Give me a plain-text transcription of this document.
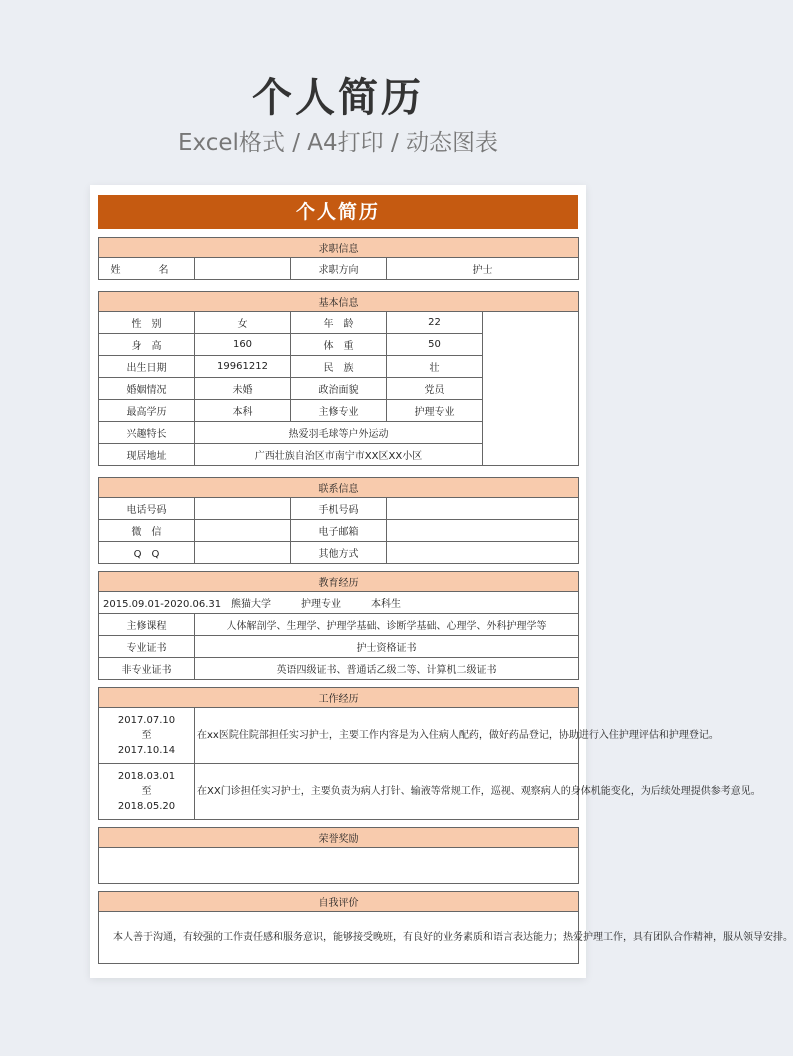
个人简历
Excel格式 / A4打印 / 动态图表
个人简历
求职信息				
姓　名		求职方向	护士	

基本信息				
性　别	女	年　龄	22	
身　高	160	体　重	50	
出生日期	19961212	民　族	壮	
婚姻情况	未婚	政治面貌	党员	
最高学历	本科	主修专业	护理专业	
兴趣特长	热爱羽毛球等户外运动			
现居地址	广西壮族自治区市南宁市XX区XX小区			

联系信息				
电话号码		手机号码		
微　信		电子邮箱		
Q　Q		其他方式		

教育经历				
2015.09.01-2020.06.31 熊猫大学 护理专业 本科生				
主修课程	人体解剖学、生理学、护理学基础、诊断学基础、心理学、外科护理学等			
专业证书	护士资格证书			
非专业证书	英语四级证书、普通话乙级二等、计算机二级证书			

工作经历				

2017.07.10
至
2017.10.14	在xx医院住院部担任实习护士，主要工作内容是为入住病人配药，做好药品登记，协助进行入住护理评估和护理登记。			

2018.03.01
至
2018.05.20	在XX门诊担任实习护士，主要负责为病人打针、输液等常规工作，巡视、观察病人的身体机能变化，为后续处理提供参考意见。			

荣誉奖励				

自我评价				
本人善于沟通，有较强的工作责任感和服务意识，能够接受晚班，有良好的业务素质和语言表达能力；热爱护理工作，具有团队合作精神，服从领导安排。				
